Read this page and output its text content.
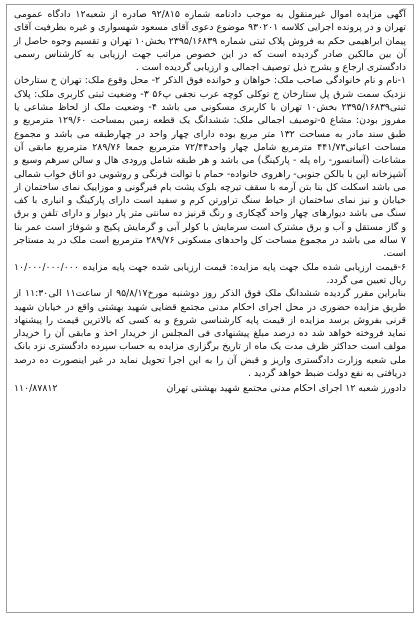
آگهی مزایده اموال غیرمنقول به موجب دادنامه شماره ۹۲/۸۱۵ صادره از شعبه۱۲ دادگاه عمومی تهران و در پرونده اجرایی کلاسه ۹۳۰۲۰۱ موضوع دعوی آقای مسعود شهسواری و غیره بطرفیت آقای پیمان ابراهیمی حکم به فروش پلاک ثبتی شماره ۲۳۹۵/۱۶۸۳۹ بخش۱۰ تهران و تقسیم وجوه حاصل از آن بین مالکین صادر گردیده است که در این خصوص مراتب جهت ارزیابی به کارشناس رسمی دادگستری ارجاع و بشرح ذیل توصیف اجمالی و ارزیابی گردیده است .

۱-نام و نام خانوادگی صاحب ملک: خواهان و خوانده فوق الذکر ۲- محل وقوع ملک: تهران خ ستارخان نزدیک سمت شرق پل ستارخان خ توکلی کوچه عرب نجفی پ۵۶ ۳- وضعیت ثبتی کاربری ملک: پلاک ثبتی۲۳۹۵/۱۶۸۳۹ بخش۱۰ تهران با کاربری مسکونی می باشد ۴- وضعیت ملک از لحاظ مشاعی یا مفروز بودن: مشاع ۵-توصیف اجمالی ملک: ششدانگ یک قطعه زمین بمساحت ۱۲۹/۶۰ مترمربع و طبق سند مادر به مساحت ۱۳۲ متر مربع بوده دارای چهار واحد در چهارطبقه می باشد و مجموع مساحت اعیانی۴۴۱/۷۳ مترمربع شامل چهار واحد۷۲/۴۴ مترمربع جمعا ۲۸۹/۷۶ مترمربع مابقی آن مشاعات (آسانسور- راه پله - پارکینگ) می باشد و هر طبقه شامل ورودی هال و سالن سرهم وسیع و آشپزخانه اپن با بالکن جنوبی- راهروی خانواده- حمام با توالت فرنگی و روشویی دو اتاق خواب شمالی می باشد اسکلت کل بنا بتن آرمه با سقف تیرچه بلوک پشت بام قیرگونی و موزاییک نمای ساختمان از خیابان و نیز نمای ساختمان از حیاط سنگ تراورتن کرم و سفید است دارای پارکینگ و انباری با کف سنگ می باشد دیوارهای چهار واحد گچکاری و رنگ قرنیز ده سانتی متر پار دیوار و دارای تلفن و برق و گاز مستقل و آب و برق مشترک است سرمایش با کولر آبی و گرمایش پکیج و شوفاژ است عمر بنا ۷ ساله می باشد در مجموع مساحت کل واحدهای مسکونی ۲۸۹/۷۶ مترمربع است ملک در ید مستاجر است.

۶-قیمت ارزیابی شده ملک جهت پایه مزایده: قیمت ارزیابی شده جهت پایه مزایده ۱۰/۰۰۰/۰۰۰/۰۰۰ ریال تعیین می گردد.

بنابراین مقرر گردیده ششدانگ ملک فوق الذکر روز دوشنبه مورخ۹۵/۸/۱۷ از ساعت۱۱ الی۱۱:۳۰ از طریق مزایده حضوری در محل اجرای احکام مدنی مجتمع قضایی شهید بهشتی واقع در خیابان شهید قرنی بفروش برسد مزایده از قیمت پایه کارشناسی شروع و به کسی که بالاترین قیمت را پیشنهاد نماید فروخته خواهد شد ده درصد مبلغ پیشنهادی فی المجلس از خریدار اخذ و مابقی آن را خریدار مولف است حداکثر ظرف مدت یک ماه از تاریخ برگزاری مزایده به حساب سپرده دادگستری نزد بانک ملی شعبه وزارت دادگستری واریز و قبض آن را به این اجرا تحویل نماید در غیر اینصورت ده درصد دریافتی به نفع دولت ضبط خواهد گردید .

دادورز شعبه ۱۲ اجرای احکام مدنی مجتمع شهید بهشتی تهران
۱۱۰/۸۷۸۱۲
